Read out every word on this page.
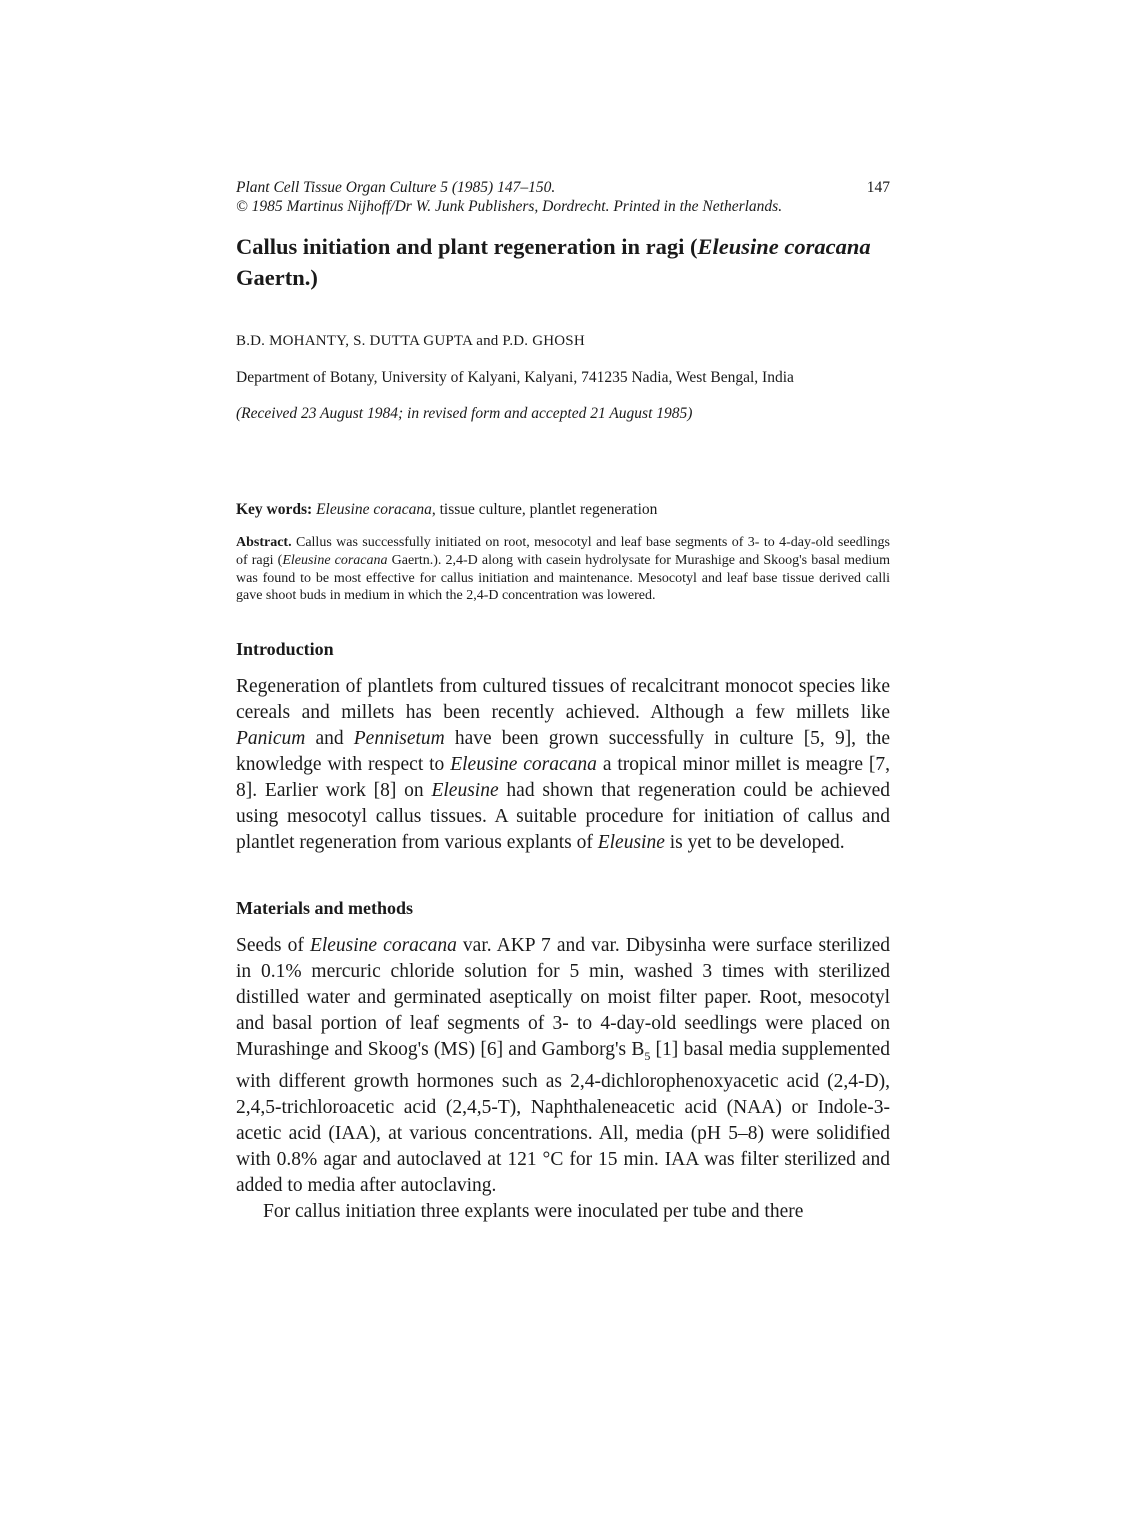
Plant Cell Tissue Organ Culture 5 (1985) 147–150.	147
© 1985 Martinus Nijhoff/Dr W. Junk Publishers, Dordrecht. Printed in the Netherlands.
Callus initiation and plant regeneration in ragi (Eleusine coracana
Gaertn.)
B.D. MOHANTY, S. DUTTA GUPTA and P.D. GHOSH
Department of Botany, University of Kalyani, Kalyani, 741235 Nadia, West Bengal, India
(Received 23 August 1984; in revised form and accepted 21 August 1985)
Key words: Eleusine coracana, tissue culture, plantlet regeneration
Abstract. Callus was successfully initiated on root, mesocotyl and leaf base segments of 3- to 4-day-old seedlings of ragi (Eleusine coracana Gaertn.). 2,4-D along with casein hydrolysate for Murashige and Skoog's basal medium was found to be most effective for callus initiation and maintenance. Mesocotyl and leaf base tissue derived calli gave shoot buds in medium in which the 2,4-D concentration was lowered.
Introduction
Regeneration of plantlets from cultured tissues of recalcitrant monocot species like cereals and millets has been recently achieved. Although a few millets like Panicum and Pennisetum have been grown successfully in culture [5, 9], the knowledge with respect to Eleusine coracana a tropical minor millet is meagre [7, 8]. Earlier work [8] on Eleusine had shown that regeneration could be achieved using mesocotyl callus tissues. A suitable procedure for initiation of callus and plantlet regeneration from various explants of Eleusine is yet to be developed.
Materials and methods
Seeds of Eleusine coracana var. AKP 7 and var. Dibysinha were surface sterilized in 0.1% mercuric chloride solution for 5 min, washed 3 times with sterilized distilled water and germinated aseptically on moist filter paper. Root, mesocotyl and basal portion of leaf segments of 3- to 4-day-old seedlings were placed on Murashinge and Skoog's (MS) [6] and Gamborg's $B_5$ [1] basal media supplemented with different growth hormones such as 2,4-dichlorophenoxyacetic acid (2,4-D), 2,4,5-trichloroacetic acid (2,4,5-T), Naphthaleneacetic acid (NAA) or Indole-3-acetic acid (IAA), at various concentrations. All, media (pH 5–8) were solidified with 0.8% agar and autoclaved at 121 °C for 15 min. IAA was filter sterilized and added to media after autoclaving.
For callus initiation three explants were inoculated per tube and there
